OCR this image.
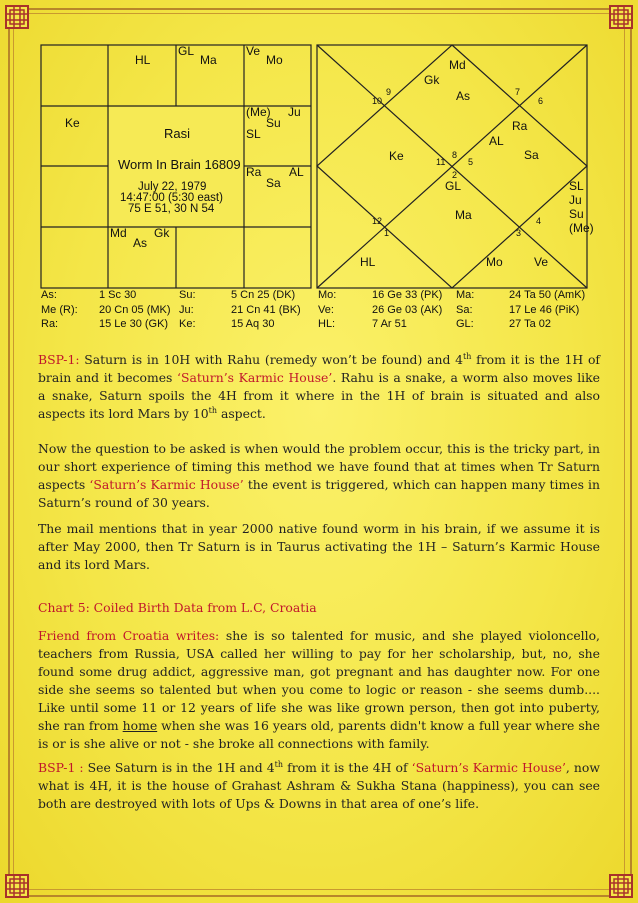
HL
GL
Ma
Ve
Mo
(Me) Ju
Su
SL
Ke
Ra AL
Sa
Md Gk
As
Rasi
Worm In Brain 16809
July 22, 1979
14:47:00 (5:30 east)
75 E 51, 30 N 54
Md
Gk
As
Ra
AL
Sa
Ke
GL
Ma
SL
Ju
Su
(Me)
HL	Mo	Ve
10
9	7
6
11
8
5
2
12
1	3
4
As:	1 Sc 30	Su:	5 Cn 25 (DK) Mo:	16 Ge 33 (PK) Ma:	24 Ta 50 (AmK)
Me (R): 20 Cn 05 (MK) Ju:	21 Cn 41 (BK) Ve:	26 Ge 03 (AK) Sa:	17 Le 46 (PiK)
Ra:	15 Le 30 (GK) Ke:	15 Aq 30	HL:	7 Ar 51	GL:	27 Ta 02

BSP-1: Saturn is in 10H with Rahu (remedy won’t be found) and 4th from it is the 1H of brain and it becomes ‘Saturn’s Karmic House’. Rahu is a snake, a worm also moves like a snake, Saturn spoils the 4H from it where in the 1H of brain is situated and also aspects its lord Mars by 10th aspect.

Now the question to be asked is when would the problem occur, this is the tricky part, in our short experience of timing this method we have found that at times when Tr Saturn aspects ‘Saturn’s Karmic House’ the event is triggered, which can happen many times in Saturn’s round of 30 years.

The mail mentions that in year 2000 native found worm in his brain, if we assume it is after May 2000, then Tr Saturn is in Taurus activating the 1H – Saturn’s Karmic House and its lord Mars.

Chart 5: Coiled Birth Data from L.C, Croatia

Friend from Croatia writes: she is so talented for music, and she played violoncello, teachers from Russia, USA called her willing to pay for her scholarship, but, no, she found some drug addict, aggressive man, got pregnant and has daughter now. For one side she seems so talented but when you come to logic or reason - she seems dumb.... Like until some 11 or 12 years of life she was like grown person, then got into puberty, she ran from home when she was 16 years old, parents didn't know a full year where she is or is she alive or not - she broke all connections with family.

BSP-1 : See Saturn is in the 1H and 4th from it is the 4H of ‘Saturn’s Karmic House’, now what is 4H, it is the house of Grahast Ashram & Sukha Stana (happiness), you can see both are destroyed with lots of Ups & Downs in that area of one’s life.
